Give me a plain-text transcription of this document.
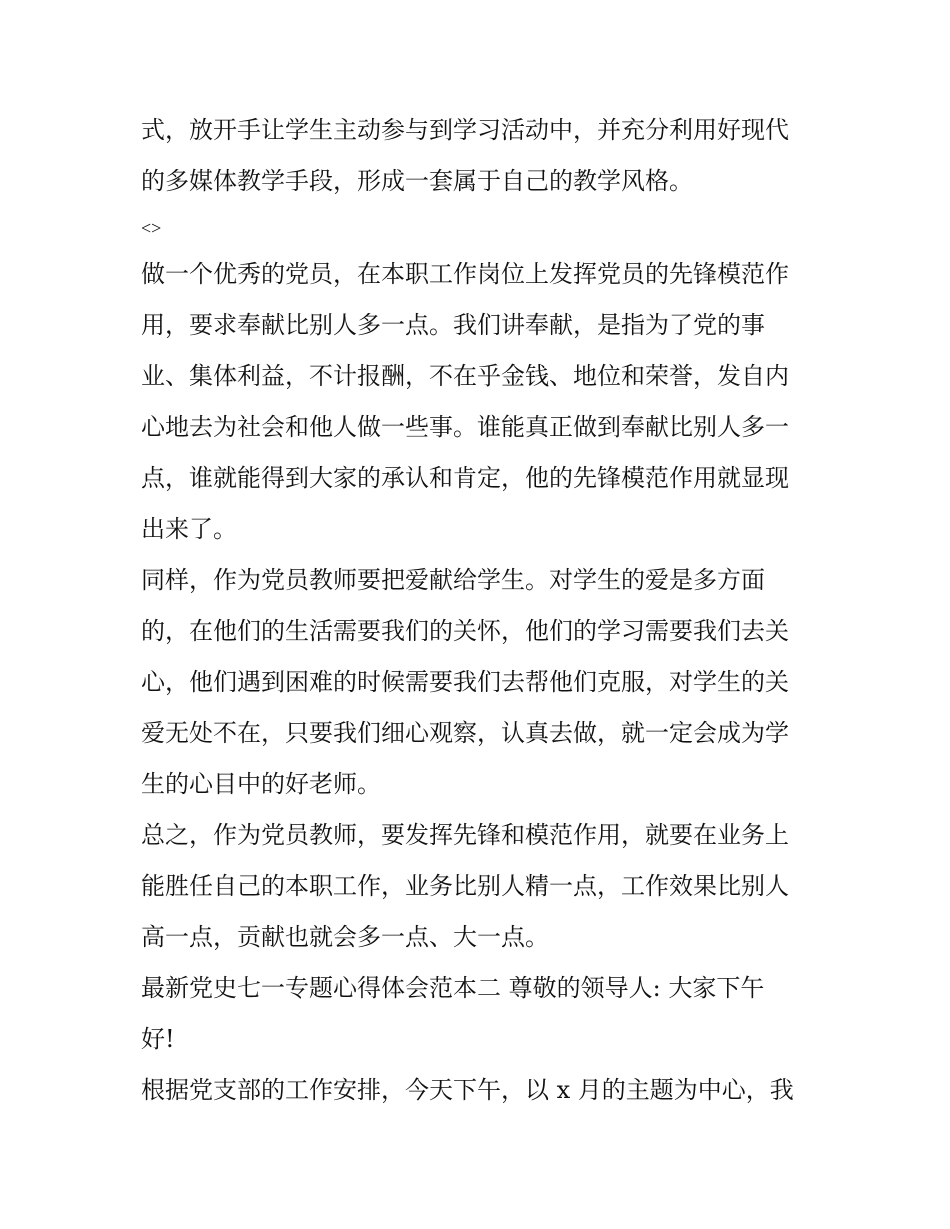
式，放开手让学生主动参与到学习活动中，并充分利用好现代
的多媒体教学手段，形成一套属于自己的教学风格。
<>
做一个优秀的党员，在本职工作岗位上发挥党员的先锋模范作
用，要求奉献比别人多一点。我们讲奉献，是指为了党的事
业、集体利益，不计报酬，不在乎金钱、地位和荣誉，发自内
心地去为社会和他人做一些事。谁能真正做到奉献比别人多一
点，谁就能得到大家的承认和肯定，他的先锋模范作用就显现
出来了。
同样，作为党员教师要把爱献给学生。对学生的爱是多方面
的，在他们的生活需要我们的关怀，他们的学习需要我们去关
心，他们遇到困难的时候需要我们去帮他们克服，对学生的关
爱无处不在，只要我们细心观察，认真去做，就一定会成为学
生的心目中的好老师。
总之，作为党员教师，要发挥先锋和模范作用，就要在业务上
能胜任自己的本职工作，业务比别人精一点，工作效果比别人
高一点，贡献也就会多一点、大一点。
最新党史七一专题心得体会范本二 尊敬的领导人: 大家下午
好!
根据党支部的工作安排，今天下午，以 x 月的主题为中心，我
